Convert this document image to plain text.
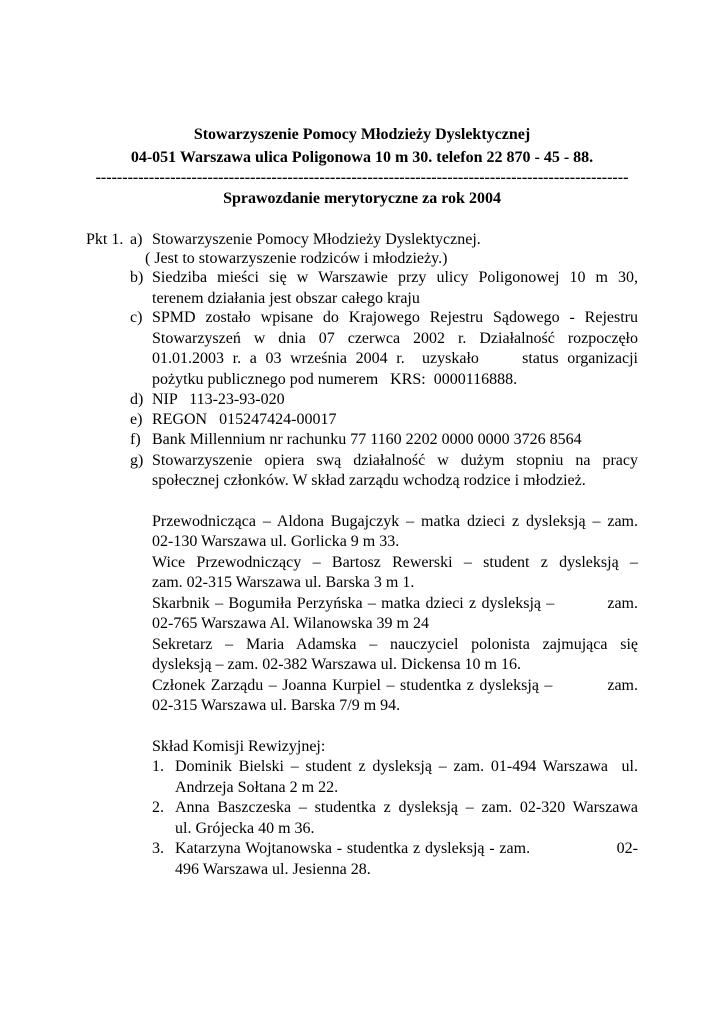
Stowarzyszenie Pomocy Młodzieży Dyslektycznej
04-051 Warszawa ulica Poligonowa 10 m 30. telefon 22 870 - 45 - 88.
----------------------------------------------------------------------------------------------------
Sprawozdanie merytoryczne za rok 2004
Pkt 1. a) Stowarzyszenie Pomocy Młodzieży Dyslektycznej.
( Jest to stowarzyszenie rodziców i młodzieży.)
b) Siedziba mieści się w Warszawie przy ulicy Poligonowej 10 m 30,
terenem działania jest obszar całego kraju
c) SPMD zostało wpisane do Krajowego Rejestru Sądowego - Rejestru
Stowarzyszeń w dnia 07 czerwca 2002 r. Działalność rozpoczęło
01.01.2003 r. a 03 września 2004 r.  uzyskało     status organizacji
pożytku publicznego pod numerem   KRS:  0000116888.
d) NIP   113-23-93-020
e) REGON   015247424-00017
f) Bank Millennium nr rachunku 77 1160 2202 0000 0000 3726 8564
g) Stowarzyszenie opiera swą działalność w dużym stopniu na pracy
społecznej członków. W skład zarządu wchodzą rodzice i młodzież.
Przewodnicząca – Aldona Bugajczyk – matka dzieci z dysleksją – zam.
02-130 Warszawa ul. Gorlicka 9 m 33.
Wice Przewodniczący – Bartosz Rewerski – student z dysleksją –
zam. 02-315 Warszawa ul. Barska 3 m 1.
Skarbnik – Bogumiła Perzyńska – matka dzieci z dysleksją –          zam.
02-765 Warszawa Al. Wilanowska 39 m 24
Sekretarz – Maria Adamska – nauczyciel polonista zajmująca się
dysleksją – zam. 02-382 Warszawa ul. Dickensa 10 m 16.
Członek Zarządu – Joanna Kurpiel – studentka z dysleksją –          zam.
02-315 Warszawa ul. Barska 7/9 m 94.
Skład Komisji Rewizyjnej:
1. Dominik Bielski – student z dysleksją – zam. 01-494 Warszawa  ul.
Andrzeja Sołtana 2 m 22.
2. Anna Baszczeska – studentka z dysleksją – zam. 02-320 Warszawa
ul. Grójecka 40 m 36.
3. Katarzyna Wojtanowska - studentka z dysleksją - zam.                  02-
496 Warszawa ul. Jesienna 28.
